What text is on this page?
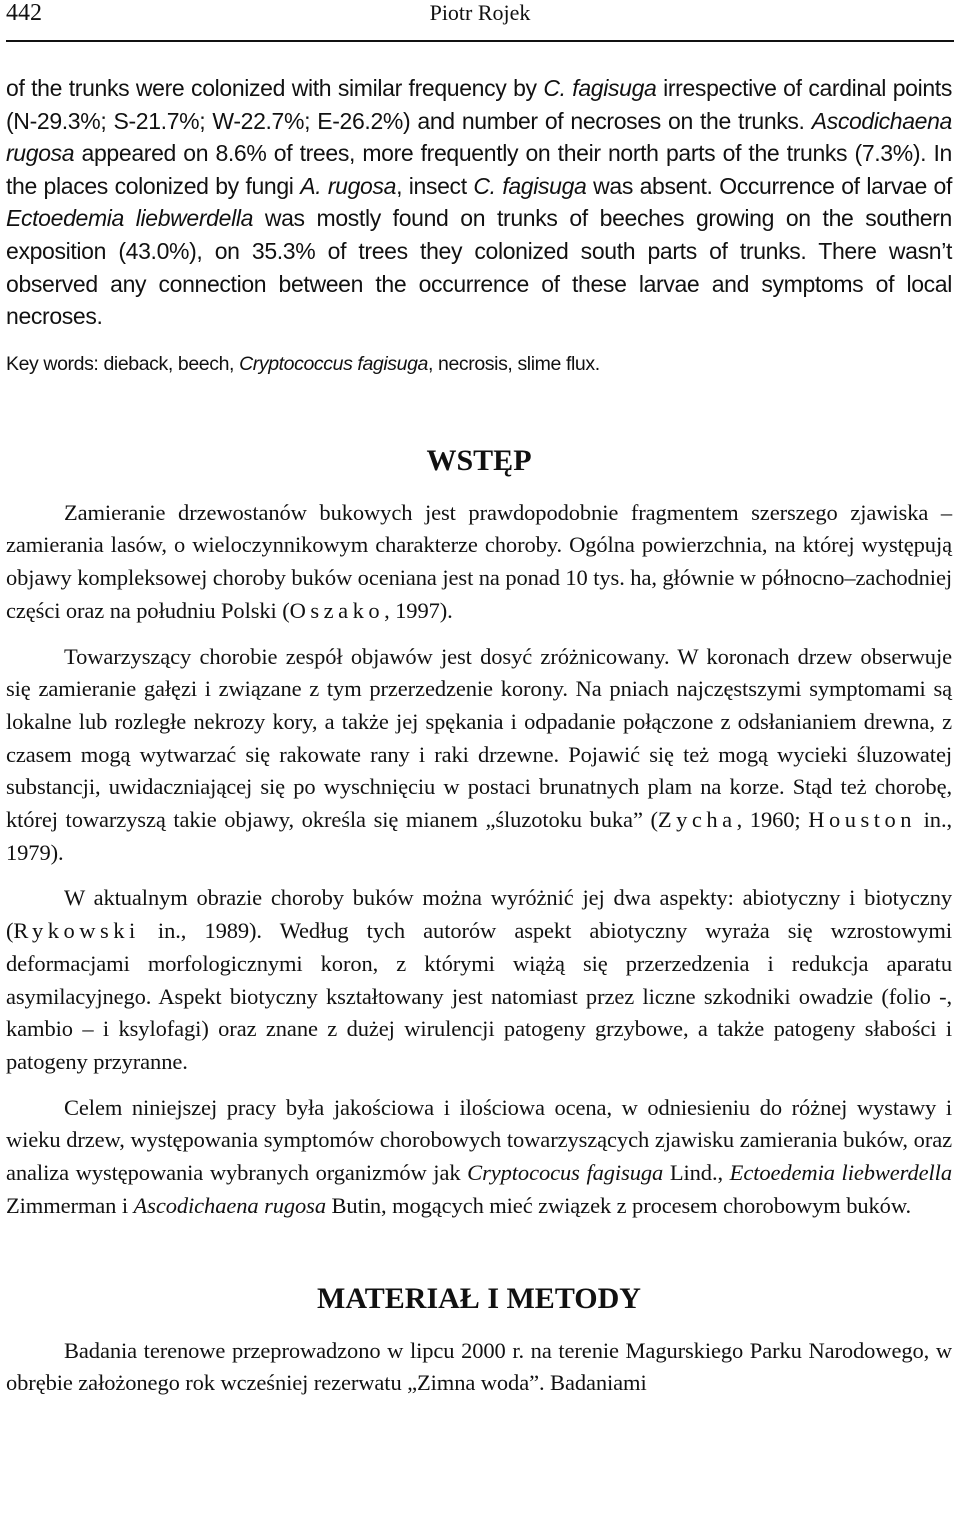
442	Piotr Rojek

of the trunks were colonized with similar frequency by C. fagisuga irrespective of cardinal points (N-29.3%; S-21.7%; W-22.7%; E-26.2%) and number of necroses on the trunks. Ascodichaena rugosa appeared on 8.6% of trees, more frequently on their north parts of the trunks (7.3%). In the places colonized by fungi A. rugosa, insect C. fagisuga was absent. Occurrence of larvae of Ectoedemia liebwerdella was mostly found on trunks of beeches growing on the southern exposition (43.0%), on 35.3% of trees they colonized south parts of trunks. There wasn’t observed any connection between the occurrence of these larvae and symptoms of local necroses.

Key words: dieback, beech, Cryptococcus fagisuga, necrosis, slime flux.

WSTĘP

Zamieranie drzewostanów bukowych jest prawdopodobnie fragmentem szerszego zjawiska – zamierania lasów, o wieloczynnikowym charakterze choroby. Ogólna powierzchnia, na której występują objawy kompleksowej choroby buków oceniana jest na ponad 10 tys. ha, głównie w północno–zachodniej części oraz na południu Polski (Oszako, 1997).

Towarzyszący chorobie zespół objawów jest dosyć zróżnicowany. W koronach drzew obserwuje się zamieranie gałęzi i związane z tym przerzedzenie korony. Na pniach najczęstszymi symptomami są lokalne lub rozległe nekrozy kory, a także jej spękania i odpadanie połączone z odsłanianiem drewna, z czasem mogą wytwarzać się rakowate rany i raki drzewne. Pojawić się też mogą wycieki śluzowatej substancji, uwidaczniającej się po wyschnięciu w postaci brunatnych plam na korze. Stąd też chorobę, której towarzyszą takie objawy, określa się mianem „śluzotoku buka” (Zycha, 1960; Houston in., 1979).

W aktualnym obrazie choroby buków można wyróżnić jej dwa aspekty: abiotyczny i biotyczny (Rykowski in., 1989). Według tych autorów aspekt abiotyczny wyraża się wzrostowymi deformacjami morfologicznymi koron, z którymi wiążą się przerzedzenia i redukcja aparatu asymilacyjnego. Aspekt biotyczny kształtowany jest natomiast przez liczne szkodniki owadzie (folio -, kambio – i ksylofagi) oraz znane z dużej wirulencji patogeny grzybowe, a także patogeny słabości i patogeny przyranne.

Celem niniejszej pracy była jakościowa i ilościowa ocena, w odniesieniu do różnej wystawy i wieku drzew, występowania symptomów chorobowych towarzyszących zjawisku zamierania buków, oraz analiza występowania wybranych organizmów jak Cryptococus fagisuga Lind., Ectoedemia liebwerdella Zimmerman i Ascodichaena rugosa Butin, mogących mieć związek z procesem chorobowym buków.

MATERIAŁ I METODY

Badania terenowe przeprowadzono w lipcu 2000 r. na terenie Magurskiego Parku Narodowego, w obrębie założonego rok wcześniej rezerwatu „Zimna woda”. Badaniami
